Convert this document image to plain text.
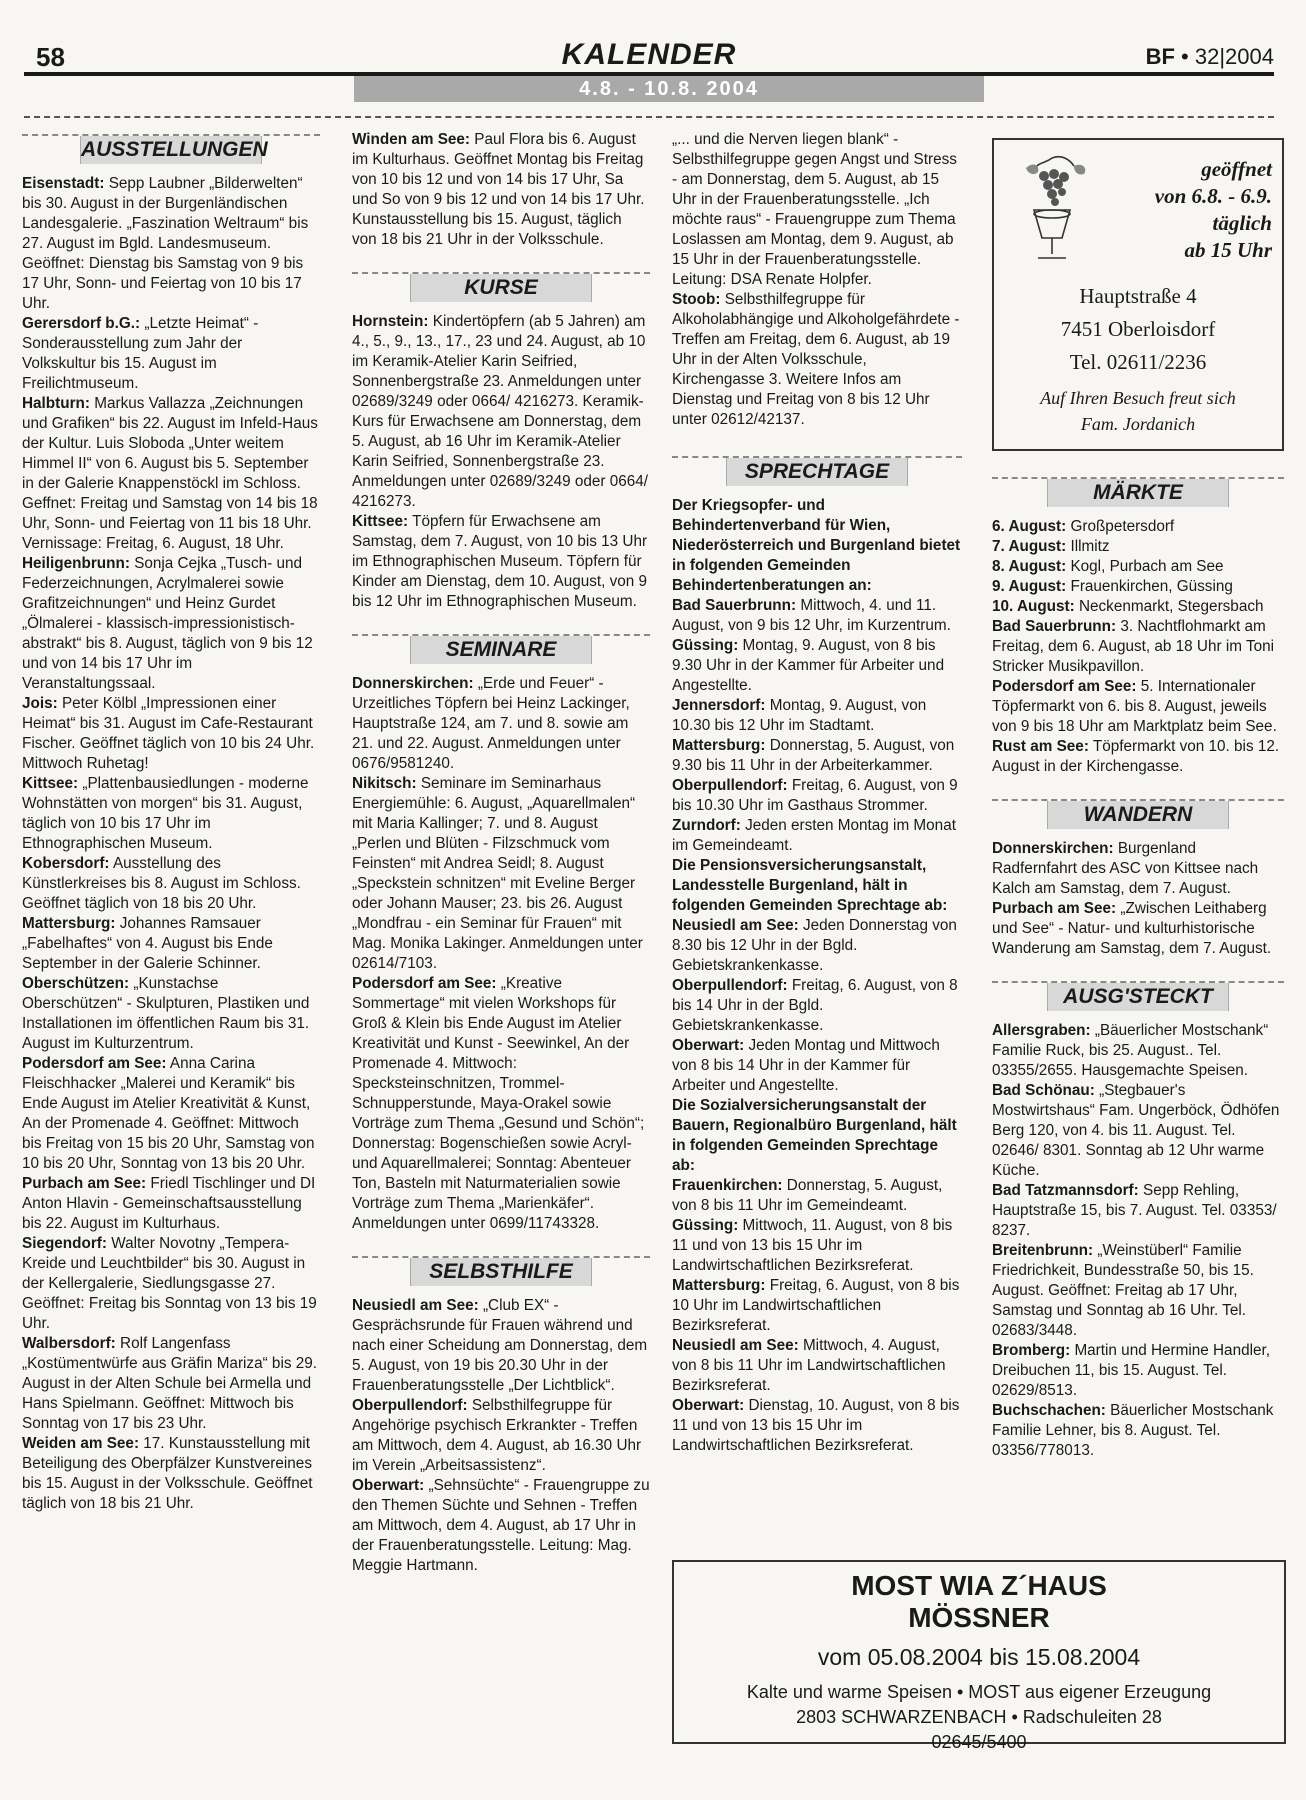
58	KALENDER	BF • 32|2004
4.8. - 10.8. 2004
AUSSTELLUNGEN

Eisenstadt: Sepp Laubner „Bilderwelten“ bis 30. August in der Burgenländischen Landesgalerie. „Faszination Weltraum“ bis 27. August im Bgld. Landesmuseum. Geöffnet: Dienstag bis Samstag von 9 bis 17 Uhr, Sonn- und Feiertag von 10 bis 17 Uhr.

Gerersdorf b.G.: „Letzte Heimat“ - Sonderausstellung zum Jahr der Volkskultur bis 15. August im Freilichtmuseum.

Halbturn: Markus Vallazza „Zeichnungen und Grafiken“ bis 22. August im Infeld-Haus der Kultur. Luis Sloboda „Unter weitem Himmel II“ von 6. August bis 5. September in der Galerie Knappenstöckl im Schloss. Geffnet: Freitag und Samstag von 14 bis 18 Uhr, Sonn- und Feiertag von 11 bis 18 Uhr. Vernissage: Freitag, 6. August, 18 Uhr.

Heiligenbrunn: Sonja Cejka „Tusch- und Federzeichnungen, Acrylmalerei sowie Grafitzeichnungen“ und Heinz Gurdet „Ölmalerei - klassisch-impressionistisch-abstrakt“ bis 8. August, täglich von 9 bis 12 und von 14 bis 17 Uhr im Veranstaltungssaal.

Jois: Peter Kölbl „Impressionen einer Heimat“ bis 31. August im Cafe-Restaurant Fischer. Geöffnet täglich von 10 bis 24 Uhr. Mittwoch Ruhetag!

Kittsee: „Plattenbausiedlungen - moderne Wohnstätten von morgen“ bis 31. August, täglich von 10 bis 17 Uhr im Ethnographischen Museum.

Kobersdorf: Ausstellung des Künstlerkreises bis 8. August im Schloss. Geöffnet täglich von 18 bis 20 Uhr.

Mattersburg: Johannes Ramsauer „Fabelhaftes“ von 4. August bis Ende September in der Galerie Schinner.

Oberschützen: „Kunstachse Oberschützen“ - Skulpturen, Plastiken und Installationen im öffentlichen Raum bis 31. August im Kulturzentrum.

Podersdorf am See: Anna Carina Fleischhacker „Malerei und Keramik“ bis Ende August im Atelier Kreativität & Kunst, An der Promenade 4. Geöffnet: Mittwoch bis Freitag von 15 bis 20 Uhr, Samstag von 10 bis 20 Uhr, Sonntag von 13 bis 20 Uhr.

Purbach am See: Friedl Tischlinger und DI Anton Hlavin - Gemeinschaftsausstellung bis 22. August im Kulturhaus.

Siegendorf: Walter Novotny „Tempera-Kreide und Leuchtbilder“ bis 30. August in der Kellergalerie, Siedlungsgasse 27. Geöffnet: Freitag bis Sonntag von 13 bis 19 Uhr.

Walbersdorf: Rolf Langenfass „Kostümentwürfe aus Gräfin Mariza“ bis 29. August in der Alten Schule bei Armella und Hans Spielmann. Geöffnet: Mittwoch bis Sonntag von 17 bis 23 Uhr.

Weiden am See: 17. Kunstausstellung mit Beteiligung des Oberpfälzer Kunstvereines bis 15. August in der Volksschule. Geöffnet täglich von 18 bis 21 Uhr.

Winden am See: Paul Flora bis 6. August im Kulturhaus. Geöffnet Montag bis Freitag von 10 bis 12 und von 14 bis 17 Uhr, Sa und So von 9 bis 12 und von 14 bis 17 Uhr. Kunstausstellung bis 15. August, täglich von 18 bis 21 Uhr in der Volksschule.

KURSE

Hornstein: Kindertöpfern (ab 5 Jahren) am 4., 5., 9., 13., 17., 23 und 24. August, ab 10 im Keramik-Atelier Karin Seifried, Sonnenbergstraße 23. Anmeldungen unter 02689/3249 oder 0664/ 4216273. Keramik-Kurs für Erwachsene am Donnerstag, dem 5. August, ab 16 Uhr im Keramik-Atelier Karin Seifried, Sonnenbergstraße 23. Anmeldungen unter 02689/3249 oder 0664/ 4216273.

Kittsee: Töpfern für Erwachsene am Samstag, dem 7. August, von 10 bis 13 Uhr im Ethnographischen Museum. Töpfern für Kinder am Dienstag, dem 10. August, von 9 bis 12 Uhr im Ethnographischen Museum.

SEMINARE

Donnerskirchen: „Erde und Feuer“ - Urzeitliches Töpfern bei Heinz Lackinger, Hauptstraße 124, am 7. und 8. sowie am 21. und 22. August. Anmeldungen unter 0676/9581240.

Nikitsch: Seminare im Seminarhaus Energiemühle: 6. August, „Aquarellmalen“ mit Maria Kallinger; 7. und 8. August „Perlen und Blüten - Filzschmuck vom Feinsten“ mit Andrea Seidl; 8. August „Speckstein schnitzen“ mit Eveline Berger oder Johann Mauser; 23. bis 26. August „Mondfrau - ein Seminar für Frauen“ mit Mag. Monika Lakinger. Anmeldungen unter 02614/7103.

Podersdorf am See: „Kreative Sommertage“ mit vielen Workshops für Groß & Klein bis Ende August im Atelier Kreativität und Kunst - Seewinkel, An der Promenade 4. Mittwoch: Specksteinschnitzen, Trommel-Schnupperstunde, Maya-Orakel sowie Vorträge zum Thema „Gesund und Schön“; Donnerstag: Bogenschießen sowie Acryl- und Aquarellmalerei; Sonntag: Abenteuer Ton, Basteln mit Naturmaterialien sowie Vorträge zum Thema „Marienkäfer“. Anmeldungen unter 0699/11743328.

SELBSTHILFE

Neusiedl am See: „Club EX“ - Gesprächsrunde für Frauen während und nach einer Scheidung am Donnerstag, dem 5. August, von 19 bis 20.30 Uhr in der Frauenberatungsstelle „Der Lichtblick“.

Oberpullendorf: Selbsthilfegruppe für Angehörige psychisch Erkrankter - Treffen am Mittwoch, dem 4. August, ab 16.30 Uhr im Verein „Arbeitsassistenz“.

Oberwart: „Sehnsüchte“ - Frauengruppe zu den Themen Süchte und Sehnen - Treffen am Mittwoch, dem 4. August, ab 17 Uhr in der Frauenberatungsstelle. Leitung: Mag. Meggie Hartmann.

„... und die Nerven liegen blank“ - Selbsthilfegruppe gegen Angst und Stress - am Donnerstag, dem 5. August, ab 15 Uhr in der Frauenberatungsstelle. „Ich möchte raus“ - Frauengruppe zum Thema Loslassen am Montag, dem 9. August, ab 15 Uhr in der Frauenberatungsstelle. Leitung: DSA Renate Holpfer.

Stoob: Selbsthilfegruppe für Alkoholabhängige und Alkoholgefährdete - Treffen am Freitag, dem 6. August, ab 19 Uhr in der Alten Volksschule, Kirchengasse 3. Weitere Infos am Dienstag und Freitag von 8 bis 12 Uhr unter 02612/42137.

SPRECHTAGE

Der Kriegsopfer- und Behindertenverband für Wien, Niederösterreich und Burgenland bietet in folgenden Gemeinden Behindertenberatungen an:

Bad Sauerbrunn: Mittwoch, 4. und 11. August, von 9 bis 12 Uhr, im Kurzentrum.

Güssing: Montag, 9. August, von 8 bis 9.30 Uhr in der Kammer für Arbeiter und Angestellte.

Jennersdorf: Montag, 9. August, von 10.30 bis 12 Uhr im Stadtamt.

Mattersburg: Donnerstag, 5. August, von 9.30 bis 11 Uhr in der Arbeiterkammer.

Oberpullendorf: Freitag, 6. August, von 9 bis 10.30 Uhr im Gasthaus Strommer.

Zurndorf: Jeden ersten Montag im Monat im Gemeindeamt.

Die Pensionsversicherungsanstalt, Landesstelle Burgenland, hält in folgenden Gemeinden Sprechtage ab:

Neusiedl am See: Jeden Donnerstag von 8.30 bis 12 Uhr in der Bgld. Gebietskrankenkasse.

Oberpullendorf: Freitag, 6. August, von 8 bis 14 Uhr in der Bgld. Gebietskrankenkasse.

Oberwart: Jeden Montag und Mittwoch von 8 bis 14 Uhr in der Kammer für Arbeiter und Angestellte.

Die Sozialversicherungsanstalt der Bauern, Regionalbüro Burgenland, hält in folgenden Gemeinden Sprechtage ab:

Frauenkirchen: Donnerstag, 5. August, von 8 bis 11 Uhr im Gemeindeamt.

Güssing: Mittwoch, 11. August, von 8 bis 11 und von 13 bis 15 Uhr im Landwirtschaftlichen Bezirksreferat.

Mattersburg: Freitag, 6. August, von 8 bis 10 Uhr im Landwirtschaftlichen Bezirksreferat.

Neusiedl am See: Mittwoch, 4. August, von 8 bis 11 Uhr im Landwirtschaftlichen Bezirksreferat.

Oberwart: Dienstag, 10. August, von 8 bis 11 und von 13 bis 15 Uhr im Landwirtschaftlichen Bezirksreferat.

geöffnet
von 6.8. - 6.9.
täglich
ab 15 Uhr
Hauptstraße 4
7451 Oberloisdorf
Tel. 02611/2236
Auf Ihren Besuch freut sich
Fam. Jordanich
MÄRKTE

6. August: Großpetersdorf

7. August: Illmitz

8. August: Kogl, Purbach am See

9. August: Frauenkirchen, Güssing

10. August: Neckenmarkt, Stegersbach

Bad Sauerbrunn: 3. Nachtflohmarkt am Freitag, dem 6. August, ab 18 Uhr im Toni Stricker Musikpavillon.

Podersdorf am See: 5. Internationaler Töpfermarkt von 6. bis 8. August, jeweils von 9 bis 18 Uhr am Marktplatz beim See.

Rust am See: Töpfermarkt von 10. bis 12. August in der Kirchengasse.

WANDERN

Donnerskirchen: Burgenland Radfernfahrt des ASC von Kittsee nach Kalch am Samstag, dem 7. August.

Purbach am See: „Zwischen Leithaberg und See“ - Natur- und kulturhistorische Wanderung am Samstag, dem 7. August.

AUSG'STECKT

Allersgraben: „Bäuerlicher Mostschank“ Familie Ruck, bis 25. August.. Tel. 03355/2655. Hausgemachte Speisen.

Bad Schönau: „Stegbauer's Mostwirtshaus“ Fam. Ungerböck, Ödhöfen Berg 120, von 4. bis 11. August. Tel. 02646/ 8301. Sonntag ab 12 Uhr warme Küche.

Bad Tatzmannsdorf: Sepp Rehling, Hauptstraße 15, bis 7. August. Tel. 03353/ 8237.

Breitenbrunn: „Weinstüberl“ Familie Friedrichkeit, Bundesstraße 50, bis 15. August. Geöffnet: Freitag ab 17 Uhr, Samstag und Sonntag ab 16 Uhr. Tel. 02683/3448.

Bromberg: Martin und Hermine Handler, Dreibuchen 11, bis 15. August. Tel. 02629/8513.

Buchschachen: Bäuerlicher Mostschank Familie Lehner, bis 8. August. Tel. 03356/778013.

MOST WIA Z´HAUS
MÖSSNER
vom 05.08.2004 bis 15.08.2004
Kalte und warme Speisen • MOST aus eigener Erzeugung
2803 SCHWARZENBACH • Radschuleiten 28
02645/5400
